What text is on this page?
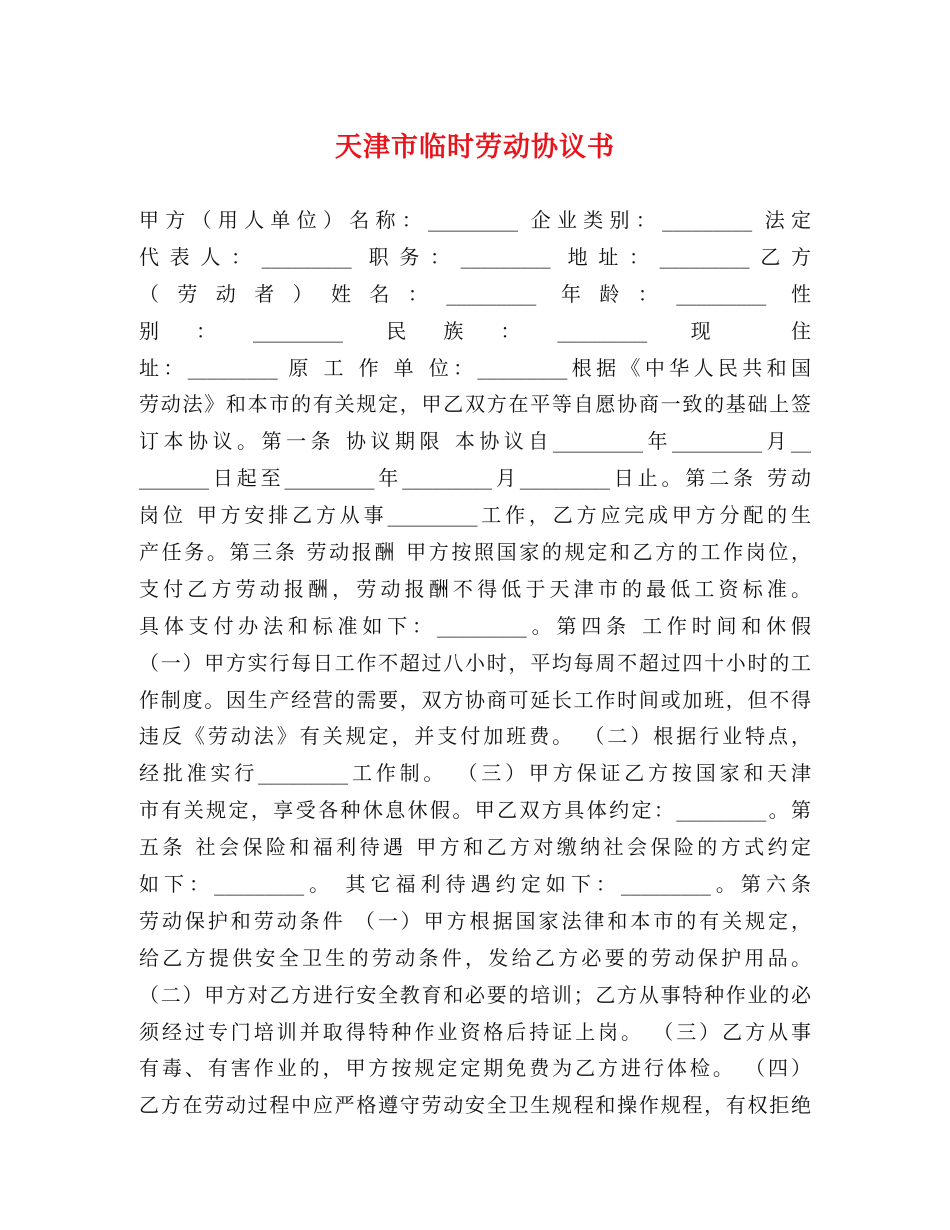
天津市临时劳动协议书
甲方（用人单位）名称：_________ 企业类别：_________ 法定
代表人：_________ 职务：_________ 地址：_________乙方
（劳动者）姓名：_________ 年龄：_________ 性
别：_________ 民族：_________ 现 住
址：_________ 原 工 作 单 位：_________根据《中华人民共和国
劳动法》和本市的有关规定，甲乙双方在平等自愿协商一致的基础上签
订本协议。第一条 协议期限 本协议自_________年_________月__
_______日起至_________年_________月_________日止。第二条 劳动
岗位 甲方安排乙方从事_________工作，乙方应完成甲方分配的生
产任务。第三条 劳动报酬 甲方按照国家的规定和乙方的工作岗位，
支付乙方劳动报酬，劳动报酬不得低于天津市的最低工资标准。
具体支付办法和标准如下：_________。第四条 工作时间和休假
（一）甲方实行每日工作不超过八小时，平均每周不超过四十小时的工
作制度。因生产经营的需要，双方协商可延长工作时间或加班，但不得
违反《劳动法》有关规定，并支付加班费。 （二）根据行业特点，
经批准实行_________工作制。 （三）甲方保证乙方按国家和天津
市有关规定，享受各种休息休假。甲乙双方具体约定：_________。第
五条 社会保险和福利待遇 甲方和乙方对缴纳社会保险的方式约定
如下：_________。 其它福利待遇约定如下：_________。第六条
劳动保护和劳动条件 （一）甲方根据国家法律和本市的有关规定，
给乙方提供安全卫生的劳动条件，发给乙方必要的劳动保护用品。
（二）甲方对乙方进行安全教育和必要的培训；乙方从事特种作业的必
须经过专门培训并取得特种作业资格后持证上岗。 （三）乙方从事
有毒、有害作业的，甲方按规定定期免费为乙方进行体检。 （四）
乙方在劳动过程中应严格遵守劳动安全卫生规程和操作规程，有权拒绝
